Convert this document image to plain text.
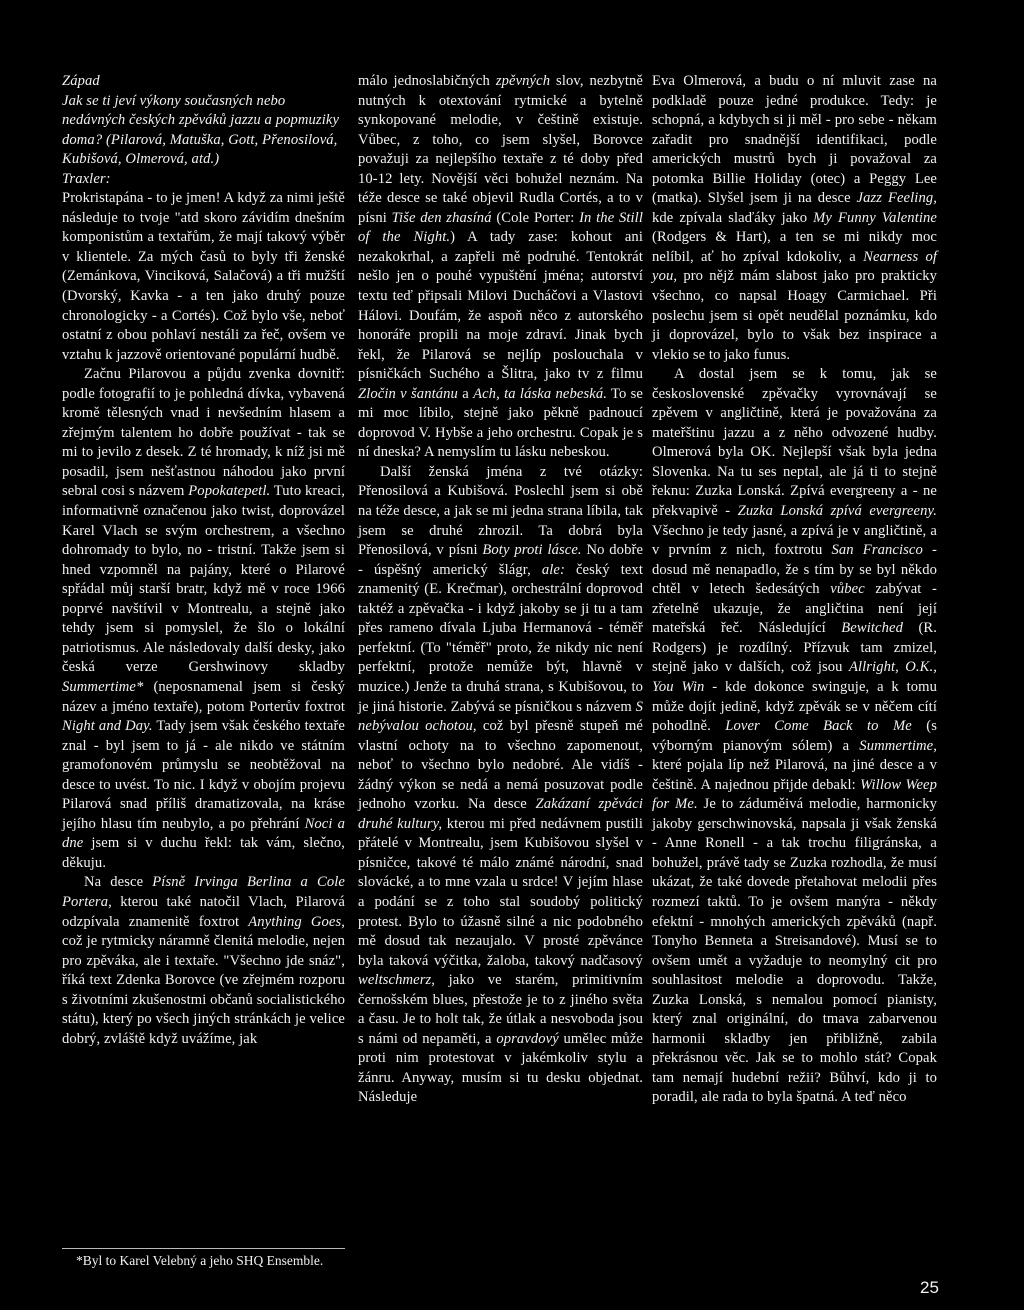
Západ

Jak se ti jeví výkony současných nebo nedávných českých zpěváků jazzu a popmuziky doma? (Pilarová, Matuška, Gott, Přenosilová, Kubišová, Olmerová, atd.)

Traxler:

Prokristapána - to je jmen! A když za nimi ještě následuje to tvoje "atd skoro závidím dnešním komponistům a textařům, že mají takový výběr v klientele. Za mých časů to byly tři ženské (Zemánkova, Vinciková, Salačová) a tři mužští (Dvorský, Kavka - a ten jako druhý pouze chronologicky - a Cortés). Což bylo vše, neboť ostatní z obou pohlaví nestáli za řeč, ovšem ve vztahu k jazzově orientované populární hudbě.

Začnu Pilarovou a půjdu zvenka dovnitř: podle fotografií to je pohledná dívka, vybavená kromě tělesných vnad i nevšedním hlasem a zřejmým talentem ho dobře používat - tak se mi to jevilo z desek. Z té hromady, k níž jsi mě posadil, jsem nešťastnou náhodou jako první sebral cosi s názvem Popokatepetl. Tuto kreaci, informativně označenou jako twist, doprovázel Karel Vlach se svým orchestrem, a všechno dohromady to bylo, no - tristní. Takže jsem si hned vzpomněl na pajány, které o Pilarové spřádal můj starší bratr, když mě v roce 1966 poprvé navštívil v Montrealu, a stejně jako tehdy jsem si pomyslel, že šlo o lokální patriotismus. Ale následovaly další desky, jako česká verze Gershwinovy skladby Summertime* (neposnamenal jsem si český název a jméno textaře), potom Porterův foxtrot Night and Day. Tady jsem však českého textaře znal - byl jsem to já - ale nikdo ve státním gramofonovém průmyslu se neobtěžoval na desce to uvést. To nic. I když v obojím projevu Pilarová snad příliš dramatizovala, na kráse jejího hlasu tím neubylo, a po přehrání Noci a dne jsem si v duchu řekl: tak vám, slečno, děkuju.

Na desce Písně Irvinga Berlina a Cole Portera, kterou také natočil Vlach, Pilarová odzpívala znamenitě foxtrot Anything Goes, což je rytmicky náramně členitá melodie, nejen pro zpěváka, ale i textaře. "Všechno jde snáz", říká text Zdenka Borovce (ve zřejmém rozporu s životními zkušenostmi občanů socialistického státu), který po všech jiných stránkách je velice dobrý, zvláště když uvážíme, jak

málo jednoslabičných zpěvných slov, nezbytně nutných k otextování rytmické a bytelně synkopované melodie, v češtině existuje. Vůbec, z toho, co jsem slyšel, Borovce považuji za nejlepšího textaře z té doby před 10-12 lety. Novější věci bohužel neznám. Na téže desce se také objevil Rudla Cortés, a to v písni Tiše den zhasíná (Cole Porter: In the Still of the Night.) A tady zase: kohout ani nezakokrhal, a zapřeli mě podruhé. Tentokrát nešlo jen o pouhé vypuštění jména; autorství textu teď připsali Milovi Ducháčovi a Vlastovi Hálovi. Doufám, že aspoň něco z autorského honoráře propili na moje zdraví. Jinak bych řekl, že Pilarová se nejlíp poslouchala v písničkách Suchého a Šlitra, jako tv z filmu Zločin v šantánu a Ach, ta láska nebeská. To se mi moc líbilo, stejně jako pěkně padnoucí doprovod V. Hybše a jeho orchestru. Copak je s ní dneska? A nemyslím tu lásku nebeskou.

Další ženská jména z tvé otázky: Přenosilová a Kubišová. Poslechl jsem si obě na téže desce, a jak se mi jedna strana líbila, tak jsem se druhé zhrozil. Ta dobrá byla Přenosilová, v písni Boty proti lásce. No dobře - úspěšný americký šlágr, ale: český text znamenitý (E. Krečmar), orchestrální doprovod taktéž a zpěvačka - i když jakoby se ji tu a tam přes rameno dívala Ljuba Hermanová - téměř perfektní. (To "téměř" proto, že nikdy nic není perfektní, protože nemůže být, hlavně v muzice.) Jenže ta druhá strana, s Kubišovou, to je jiná historie. Zabývá se písničkou s názvem S nebývalou ochotou, což byl přesně stupeň mé vlastní ochoty na to všechno zapomenout, neboť to všechno bylo nedobré. Ale vidíš - žádný výkon se nedá a nemá posuzovat podle jednoho vzorku. Na desce Zakázaní zpěváci druhé kultury, kterou mi před nedávnem pustili přátelé v Montrealu, jsem Kubišovou slyšel v písničce, takové té málo známé národní, snad slovácké, a to mne vzala u srdce! V jejím hlase a podání se z toho stal soudobý politický protest. Bylo to úžasně silné a nic podobného mě dosud tak nezaujalo. V prosté zpěvánce byla taková výčitka, žaloba, takový nadčasový weltschmerz, jako ve starém, primitivním černošském blues, přestože je to z jiného světa a času. Je to holt tak, že útlak a nesvoboda jsou s námi od nepaměti, a opravdový umělec může proti nim protestovat v jakémkoliv stylu a žánru. Anyway, musím si tu desku objednat. Následuje

Eva Olmerová, a budu o ní mluvit zase na podkladě pouze jedné produkce. Tedy: je schopná, a kdybych si ji měl - pro sebe - někam zařadit pro snadnější identifikaci, podle amerických mustrů bych ji považoval za potomka Billie Holiday (otec) a Peggy Lee (matka). Slyšel jsem ji na desce Jazz Feeling, kde zpívala slaďáky jako My Funny Valentine (Rodgers & Hart), a ten se mi nikdy moc nelíbil, ať ho zpíval kdokoliv, a Nearness of you, pro nějž mám slabost jako pro prakticky všechno, co napsal Hoagy Carmichael. Při poslechu jsem si opět neudělal poznámku, kdo ji doprovázel, bylo to však bez inspirace a vlekio se to jako funus.

A dostal jsem se k tomu, jak se československé zpěvačky vyrovnávají se zpěvem v angličtině, která je považována za mateřštinu jazzu a z něho odvozené hudby. Olmerová byla OK. Nejlepší však byla jedna Slovenka. Na tu ses neptal, ale já ti to stejně řeknu: Zuzka Lonská. Zpívá evergreeny a - ne překvapivě - Zuzka Lonská zpívá evergreeny. Všechno je tedy jasné, a zpívá je v angličtině, a v prvním z nich, foxtrotu San Francisco - dosud mě nenapadlo, že s tím by se byl někdo chtěl v letech šedesátých vůbec zabývat - zřetelně ukazuje, že angličtina není její mateřská řeč. Následující Bewitched (R. Rodgers) je rozdílný. Přízvuk tam zmizel, stejně jako v dalších, což jsou Allright, O.K., You Win - kde dokonce swinguje, a k tomu může dojít jedině, když zpěvák se v něčem cítí pohodlně. Lover Come Back to Me (s výborným pianovým sólem) a Summertime, které pojala líp než Pilarová, na jiné desce a v češtině. A najednou přijde debakl: Willow Weep for Me. Je to záduměivá melodie, harmonicky jakoby gerschwinovská, napsala ji však ženská - Anne Ronell - a tak trochu filigránska, a bohužel, právě tady se Zuzka rozhodla, že musí ukázat, že také dovede přetahovat melodii přes rozmezí taktů. To je ovšem manýra - někdy efektní - mnohých amerických zpěváků (např. Tonyho Benneta a Streisandové). Musí se to ovšem umět a vyžaduje to neomylný cit pro souhlasitost melodie a doprovodu. Takže, Zuzka Lonská, s nemalou pomocí pianisty, který znal originální, do tmava zabarvenou harmonii skladby jen přibližně, zabila překrásnou věc. Jak se to mohlo stát? Copak tam nemají hudební režii? Bůhví, kdo ji to poradil, ale rada to byla špatná. A teď něco

*Byl to Karel Velebný a jeho SHQ Ensemble.
25
